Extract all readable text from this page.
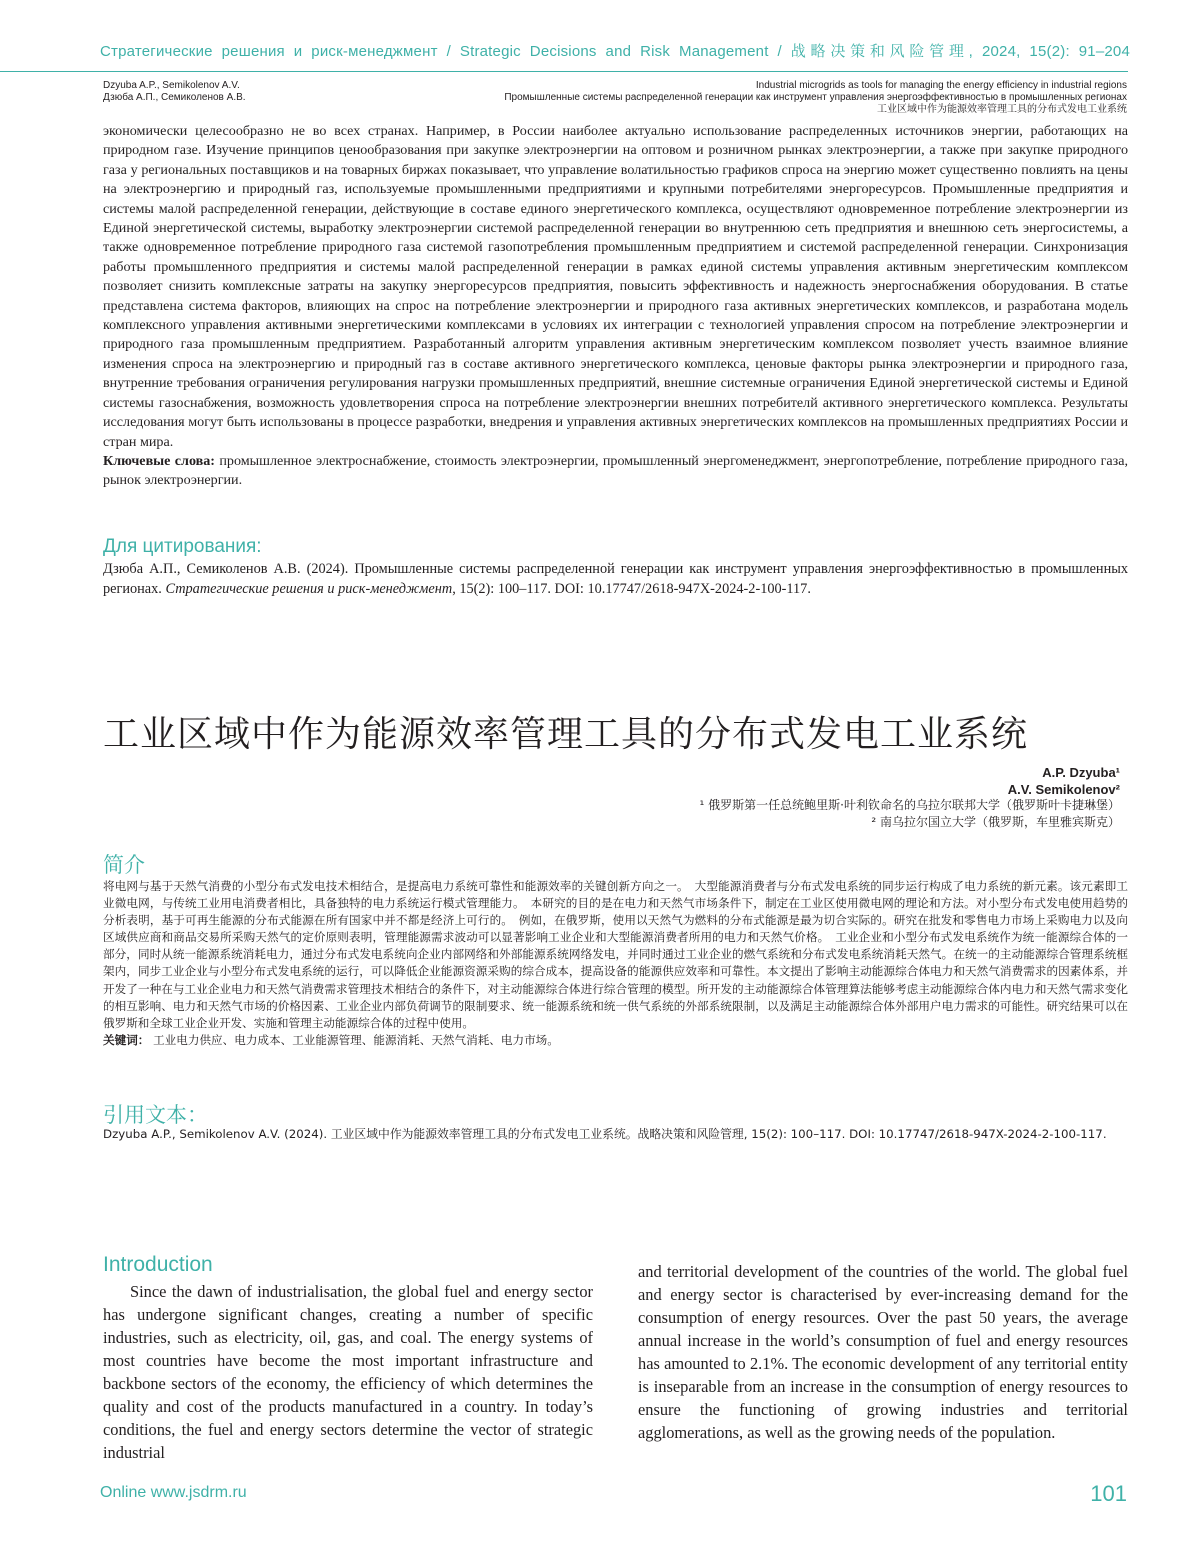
Стратегические решения и риск-менеджмент / Strategic Decisions and Risk Management / 战略决策和风险管理, 2024, 15(2): 91–204
Dzyuba A.P., Semikolenov A.V.
Дзюба А.П., Семиколенов А.В.
Industrial microgrids as tools for managing the energy efficiency in industrial regions
Промышленные системы распределенной генерации как инструмент управления энергоэффективностью в промышленных регионах
工业区域中作为能源效率管理工具的分布式发电工业系统

экономически целесообразно не во всех странах. Например, в России наиболее актуально использование распределенных источников энергии, работающих на природном газе. Изучение принципов ценообразования при закупке электроэнергии на оптовом и розничном рынках электроэнергии, а также при закупке природного газа у региональных поставщиков и на товарных биржах показывает, что управление волатильностью графиков спроса на энергию может существенно повлиять на цены на электроэнергию и природный газ, используемые промышленными предприятиями и крупными потребителями энергоресурсов. Промышленные предприятия и системы малой распределенной генерации, действующие в составе единого энергетического комплекса, осуществляют одновременное потребление электроэнергии из Единой энергетической системы, выработку электроэнергии системой распределенной генерации во внутреннюю сеть предприятия и внешнюю сеть энергосистемы, а также одновременное потребление природного газа системой газопотребления промышленным предприятием и системой распределенной генерации. Синхронизация работы промышленного предприятия и системы малой распределенной генерации в рамках единой системы управления активным энергетическим комплексом позволяет снизить комплексные затраты на закупку энергоресурсов предприятия, повысить эффективность и надежность энергоснабжения оборудования. В статье представлена система факторов, влияющих на спрос на потребление электроэнергии и природного газа активных энергетических комплексов, и разработана модель комплексного управления активными энергетическими комплексами в условиях их интеграции с технологией управления спросом на потребление электроэнергии и природного газа промышленным предприятием. Разработанный алгоритм управления активным энергетическим комплексом позволяет учесть взаимное влияние изменения спроса на электроэнергию и природный газ в составе активного энергетического комплекса, ценовые факторы рынка электроэнергии и природного газа, внутренние требования ограничения регулирования нагрузки промышленных предприятий, внешние системные ограничения Единой энергетической системы и Единой системы газоснабжения, возможность удовлетворения спроса на потребление электроэнергии внешних потребителй активного энергетического комплекса. Результаты исследования могут быть использованы в процессе разработки, внедрения и управления активных энергетических комплексов на промышленных предприятиях России и стран мира.

Ключевые слова: промышленное электроснабжение, стоимость электроэнергии, промышленный энергоменеджмент, энергопотребление, потребление природного газа, рынок электроэнергии.

Для цитирования:
Дзюба А.П., Семиколенов А.В. (2024). Промышленные системы распределенной генерации как инструмент управления энергоэффективностью в промышленных регионах. Стратегические решения и риск-менеджмент, 15(2): 100–117. DOI: 10.17747/2618-947X-2024-2-100-117.
工业区域中作为能源效率管理工具的分布式发电工业系统
A.P. Dzyuba¹
A.V. Semikolenov²
¹ 俄罗斯第一任总统鲍里斯·叶利钦命名的乌拉尔联邦大学（俄罗斯叶卡捷琳堡）
² 南乌拉尔国立大学（俄罗斯，车里雅宾斯克）
简介

将电网与基于天然气消费的小型分布式发电技术相结合，是提高电力系统可靠性和能源效率的关键创新方向之一。　大型能源消费者与分布式发电系统的同步运行构成了电力系统的新元素。该元素即工业微电网，与传统工业用电消费者相比，具备独特的电力系统运行模式管理能力。　本研究的目的是在电力和天然气市场条件下，制定在工业区使用微电网的理论和方法。对小型分布式发电使用趋势的分析表明，基于可再生能源的分布式能源在所有国家中并不都是经济上可行的。　例如，在俄罗斯，使用以天然气为燃料的分布式能源是最为切合实际的。研究在批发和零售电力市场上采购电力以及向区域供应商和商品交易所采购天然气的定价原则表明，管理能源需求波动可以显著影响工业企业和大型能源消费者所用的电力和天然气价格。　工业企业和小型分布式发电系统作为统一能源综合体的一部分，同时从统一能源系统消耗电力，通过分布式发电系统向企业内部网络和外部能源系统网络发电，并同时通过工业企业的燃气系统和分布式发电系统消耗天然气。在统一的主动能源综合管理系统框架内，同步工业企业与小型分布式发电系统的运行，可以降低企业能源资源采购的综合成本，提高设备的能源供应效率和可靠性。本文提出了影响主动能源综合体电力和天然气消费需求的因素体系，并开发了一种在与工业企业电力和天然气消费需求管理技术相结合的条件下，对主动能源综合体进行综合管理的模型。所开发的主动能源综合体管理算法能够考虑主动能源综合体内电力和天然气需求变化的相互影响、电力和天然气市场的价格因素、工业企业内部负荷调节的限制要求、统一能源系统和统一供气系统的外部系统限制，以及满足主动能源综合体外部用户电力需求的可能性。研究结果可以在俄罗斯和全球工业企业开发、实施和管理主动能源综合体的过程中使用。

关键词： 工业电力供应、电力成本、工业能源管理、能源消耗、天然气消耗、电力市场。

引用文本：
Dzyuba A.P., Semikolenov A.V. (2024). 工业区域中作为能源效率管理工具的分布式发电工业系统。战略决策和风险管理, 15(2): 100–117. DOI: 10.17747/2618-947X-2024-2-100-117.
Introduction

Since the dawn of industrialisation, the global fuel and energy sector has undergone significant changes, creating a number of specific industries, such as electricity, oil, gas, and coal. The energy systems of most countries have become the most important infrastructure and backbone sectors of the economy, the efficiency of which determines the quality and cost of the products manufactured in a country. In today’s conditions, the fuel and energy sectors determine the vector of strategic industrial

and territorial development of the countries of the world. The global fuel and energy sector is characterised by ever-increasing demand for the consumption of energy resources. Over the past 50 years, the average annual increase in the world’s consumption of fuel and energy resources has amounted to 2.1%. The economic development of any territorial entity is inseparable from an increase in the consumption of energy resources to ensure the functioning of growing industries and territorial agglomerations, as well as the growing needs of the population.

Online www.jsdrm.ru	101
